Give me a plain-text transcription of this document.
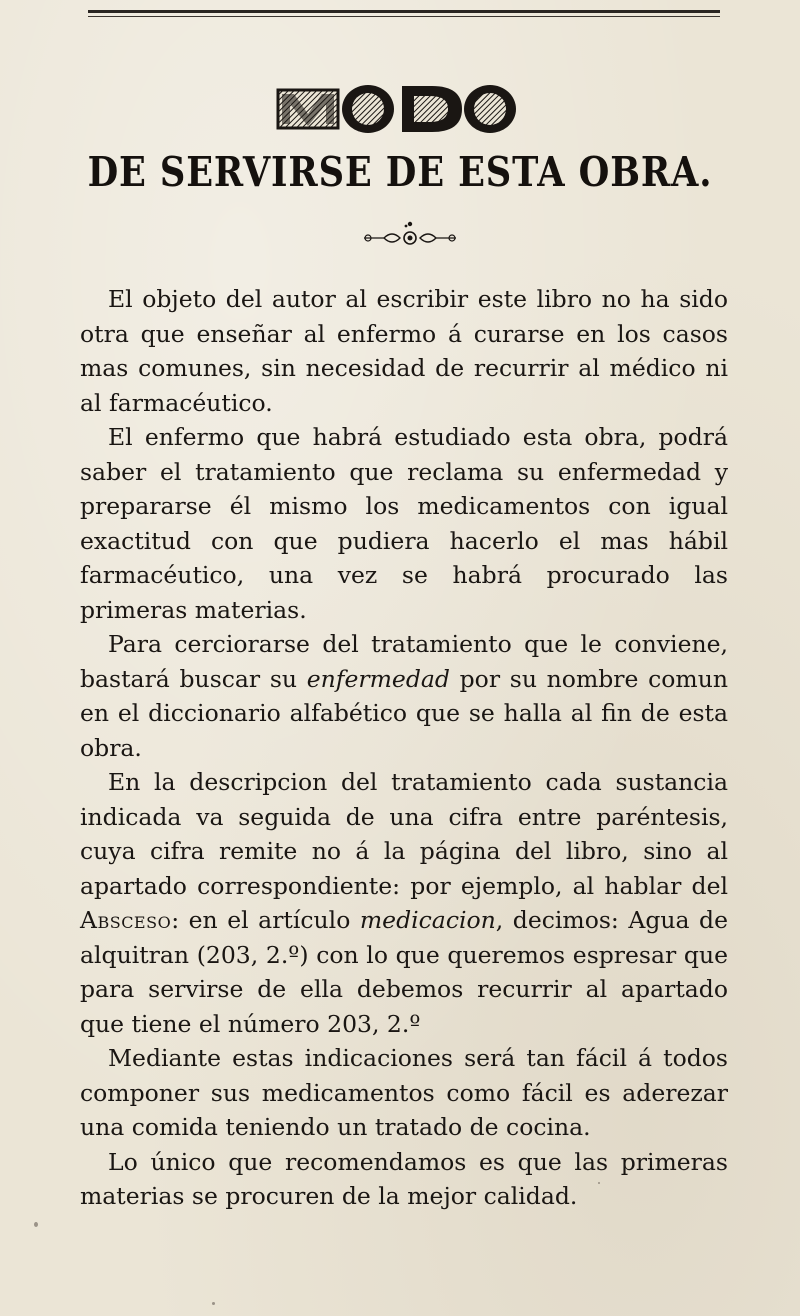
DE SERVIRSE DE ESTA OBRA.

El objeto del autor al escribir este libro no ha sido otra que enseñar al enfermo á curarse en los casos mas comunes, sin necesidad de recurrir al médico ni al farmacéutico.

El enfermo que habrá estudiado esta obra, podrá saber el tratamiento que reclama su enfermedad y prepararse él mismo los medicamentos con igual exactitud con que pudiera hacerlo el mas hábil farmacéutico, una vez se habrá procurado las primeras materias.

Para cerciorarse del tratamiento que le conviene, bastará buscar su enfermedad por su nombre comun en el diccionario alfabético que se halla al fin de esta obra.

En la descripcion del tratamiento cada sustancia indicada va seguida de una cifra entre paréntesis, cuya cifra remite no á la página del libro, sino al apartado correspondiente: por ejemplo, al hablar del Absceso: en el artículo medicacion, decimos: Agua de alquitran (203, 2.º) con lo que queremos espresar que para servirse de ella debemos recurrir al apartado que tiene el número 203, 2.º

Mediante estas indicaciones será tan fácil á todos componer sus medicamentos como fácil es aderezar una comida teniendo un tratado de cocina.

Lo único que recomendamos es que las primeras materias se procuren de la mejor calidad.
